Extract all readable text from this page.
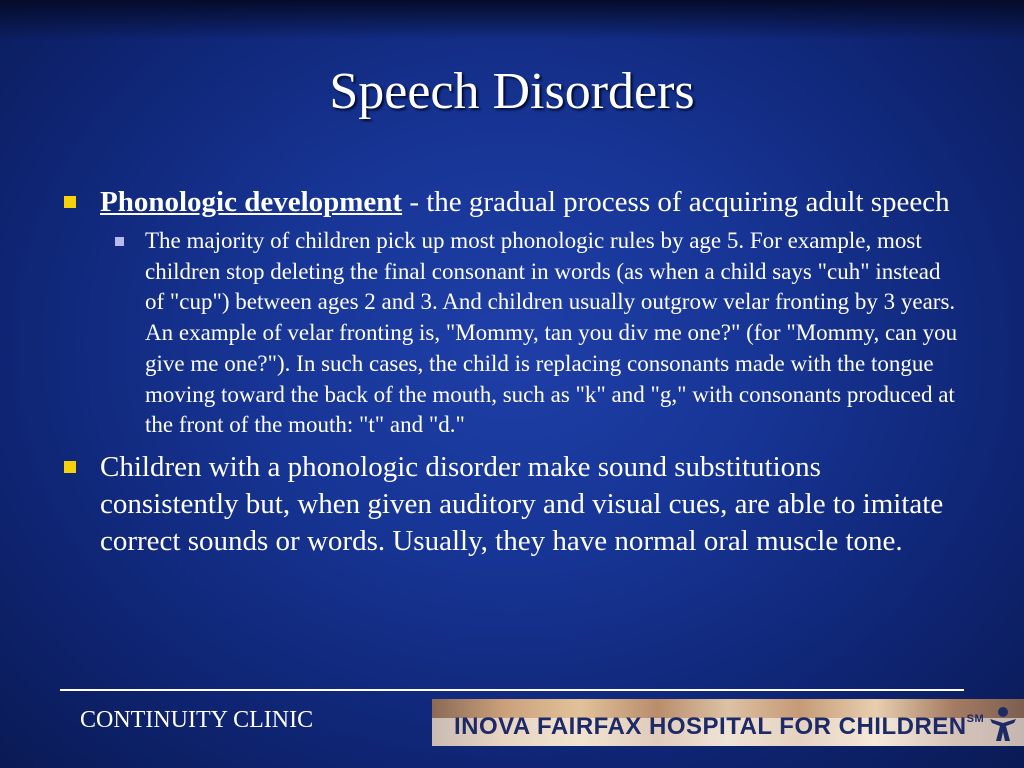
Speech Disorders

Phonologic development - the gradual process of acquiring adult speech

The majority of children pick up most phonologic rules by age 5. For example, most children stop deleting the final consonant in words (as when a child says "cuh" instead of "cup") between ages 2 and 3. And children usually outgrow velar fronting by 3 years. An example of velar fronting is, "Mommy, tan you div me one?" (for "Mommy, can you give me one?"). In such cases, the child is replacing consonants made with the tongue moving toward the back of the mouth, such as "k" and "g," with consonants produced at the front of the mouth: "t" and "d."

Children with a phonologic disorder make sound substitutions consistently but, when given auditory and visual cues, are able to imitate correct sounds or words. Usually, they have normal oral muscle tone.

CONTINUITY CLINIC	INOVA FAIRFAX HOSPITAL FOR CHILDREN℠
